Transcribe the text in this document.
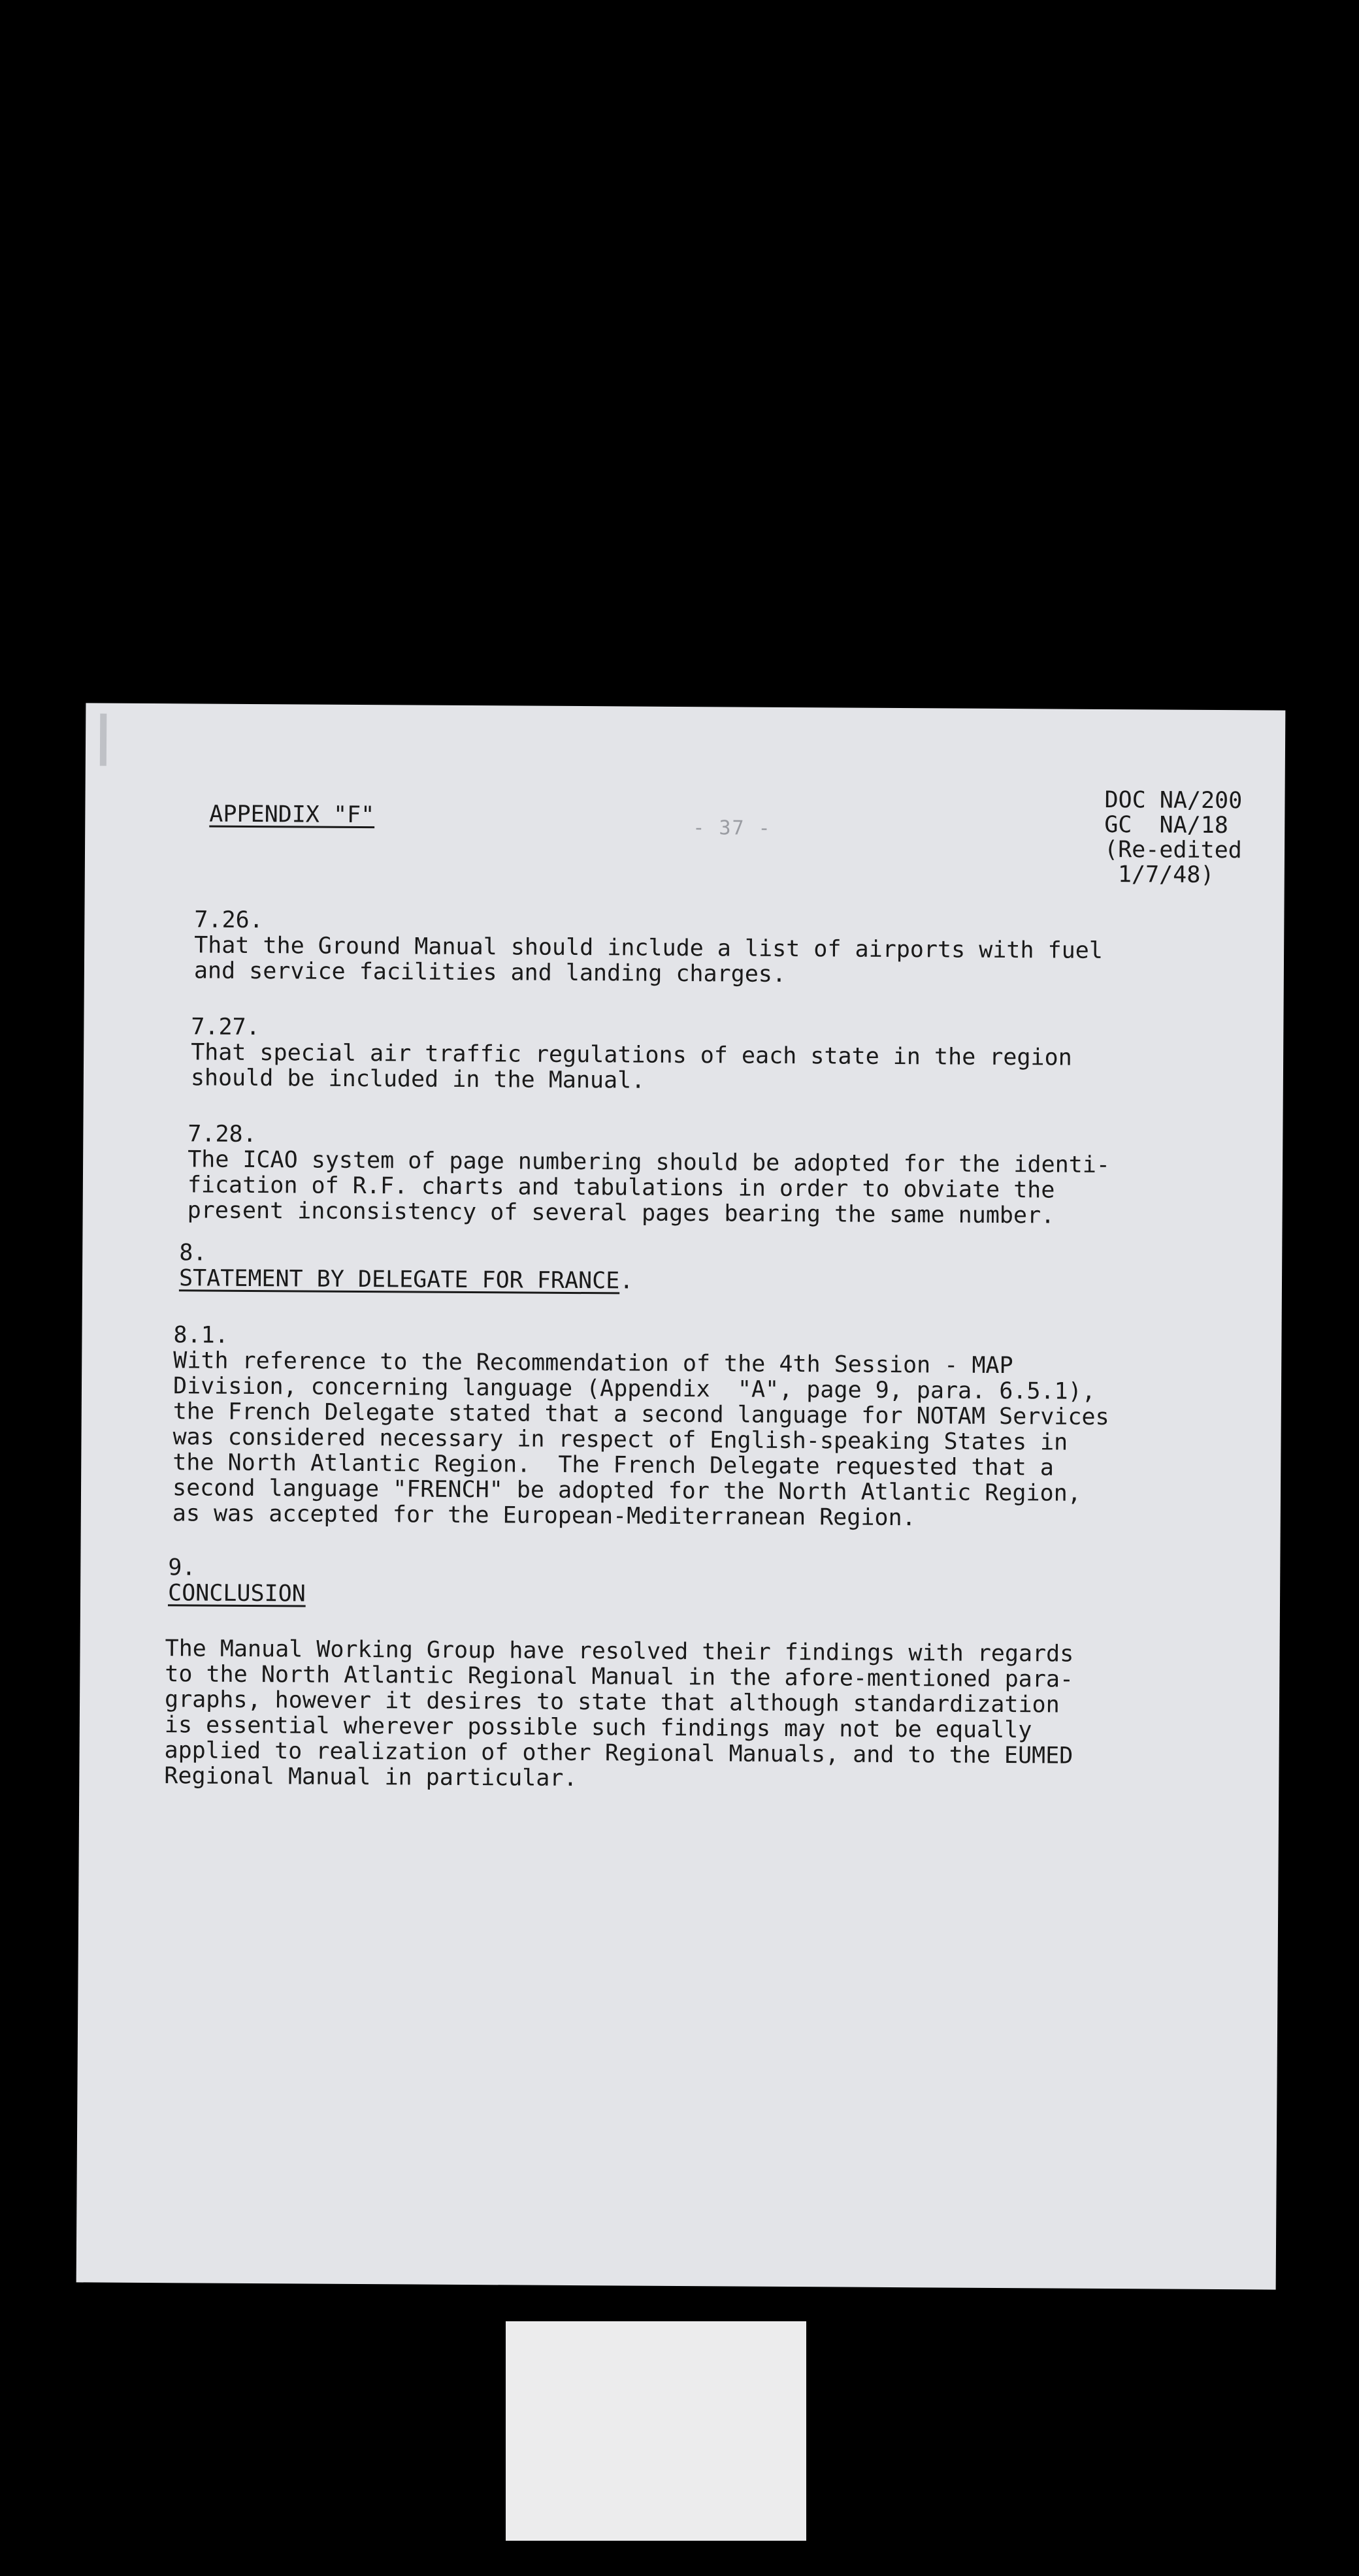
APPENDIX "F"	- 37 -
DOC NA/200
GC  NA/18
(Re-edited
1/7/48)
7.26.
That the Ground Manual should include a list of airports with fuel
and service facilities and landing charges.
7.27.
That special air traffic regulations of each state in the region
should be included in the Manual.
7.28.
The ICAO system of page numbering should be adopted for the identi-
fication of R.F. charts and tabulations in order to obviate the
present inconsistency of several pages bearing the same number.
8.
STATEMENT BY DELEGATE FOR FRANCE.
8.1.
With reference to the Recommendation of the 4th Session - MAP
Division, concerning language (Appendix  "A", page 9, para. 6.5.1),
the French Delegate stated that a second language for NOTAM Services
was considered necessary in respect of English-speaking States in
the North Atlantic Region.  The French Delegate requested that a
second language "FRENCH" be adopted for the North Atlantic Region,
as was accepted for the European-Mediterranean Region.
9.
CONCLUSION
The Manual Working Group have resolved their findings with regards
to the North Atlantic Regional Manual in the afore-mentioned para-
graphs, however it desires to state that although standardization
is essential wherever possible such findings may not be equally
applied to realization of other Regional Manuals, and to the EUMED
Regional Manual in particular.
